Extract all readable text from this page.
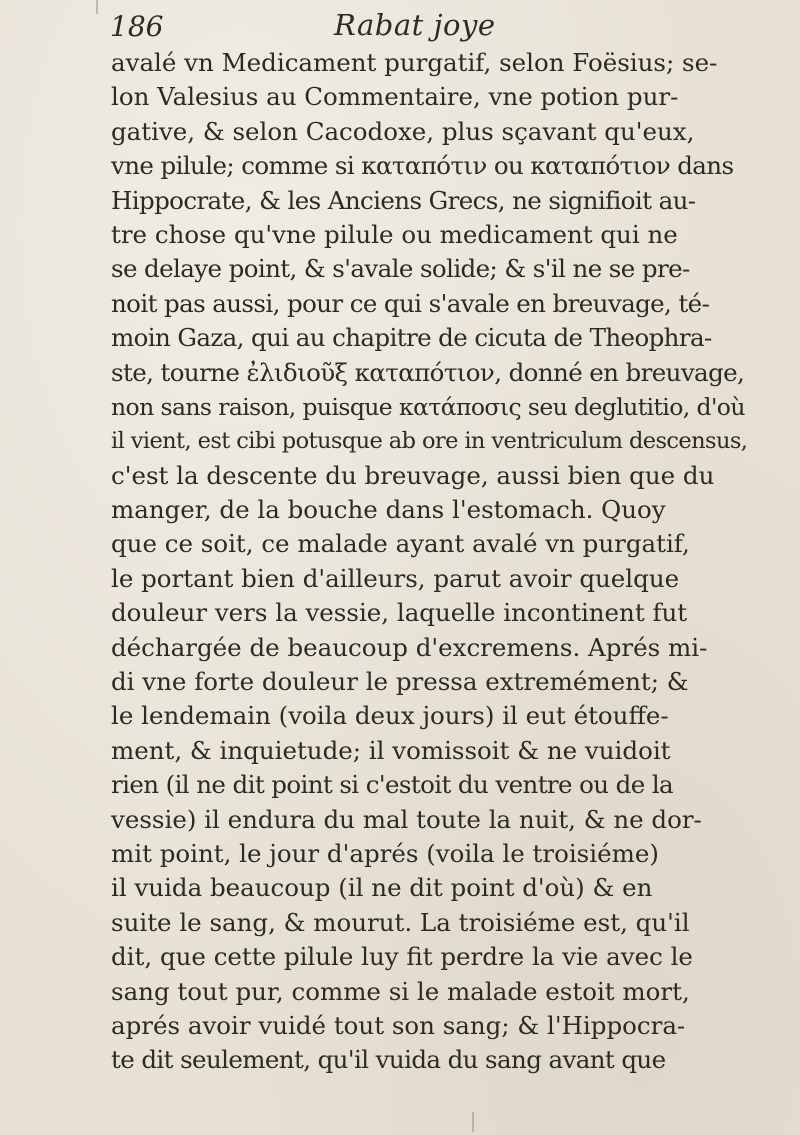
186	Rabat joye
avalé vn Medicament purgatif, selon Foësius; se-
lon Valesius au Commentaire, vne potion pur-
gative, & selon Cacodoxe, plus sçavant qu'eux,
vne pilule; comme si καταπότιν ou καταπότιον dans
Hippocrate, & les Anciens Grecs, ne signifioit au-
tre chose qu'vne pilule ou medicament qui ne
se delaye point, & s'avale solide; & s'il ne se pre-
noit pas aussi, pour ce qui s'avale en breuvage, té-
moin Gaza, qui au chapitre de cicuta de Theophra-
ste, tourne ἐλιδιοῦξ καταπότιον, donné en breuvage,
non sans raison, puisque κατάποσις seu deglutitio, d'où
il vient, est cibi potusque ab ore in ventriculum descensus,
c'est la descente du breuvage, aussi bien que du
manger, de la bouche dans l'estomach. Quoy
que ce soit, ce malade ayant avalé vn purgatif,
le portant bien d'ailleurs, parut avoir quelque
douleur vers la vessie, laquelle incontinent fut
déchargée de beaucoup d'excremens. Aprés mi-
di vne forte douleur le pressa extremément; &
le lendemain (voila deux jours) il eut étouffe-
ment, & inquietude; il vomissoit & ne vuidoit
rien (il ne dit point si c'estoit du ventre ou de la
vessie) il endura du mal toute la nuit, & ne dor-
mit point, le jour d'aprés (voila le troisiéme)
il vuida beaucoup (il ne dit point d'où) & en
suite le sang, & mourut. La troisiéme est, qu'il
dit, que cette pilule luy fit perdre la vie avec le
sang tout pur, comme si le malade estoit mort,
aprés avoir vuidé tout son sang; & l'Hippocra-
te dit seulement, qu'il vuida du sang avant que
